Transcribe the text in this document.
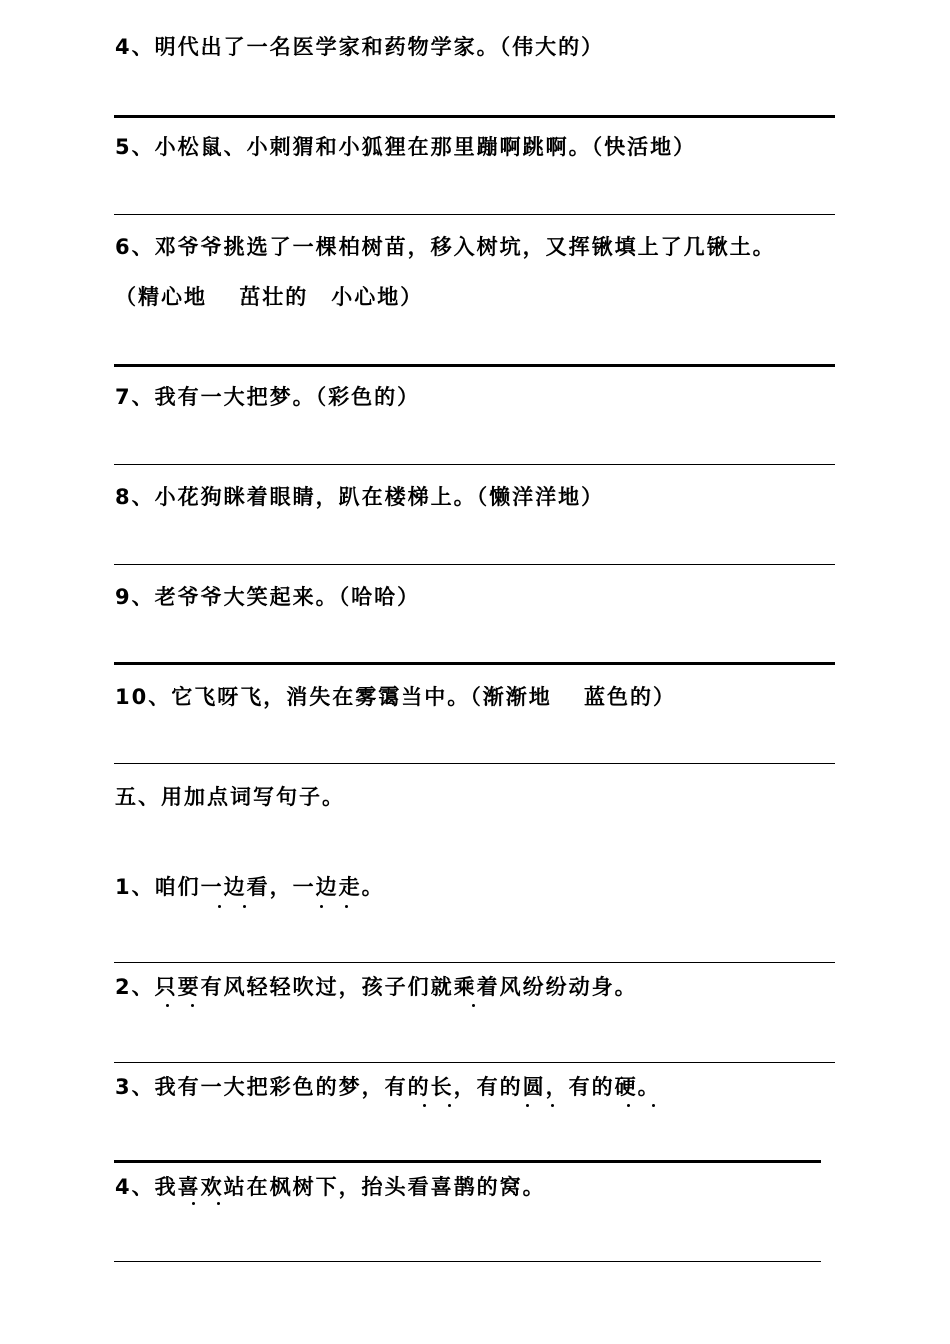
4、明代出了一名医学家和药物学家。（伟大的）
5、小松鼠、小刺猬和小狐狸在那里蹦啊跳啊。（快活地）
6、邓爷爷挑选了一棵柏树苗，移入树坑，又挥锹填上了几锹土。
（精心地　 茁壮的　小心地）
7、我有一大把梦。（彩色的）
8、小花狗眯着眼睛，趴在楼梯上。（懒洋洋地）
9、老爷爷大笑起来。（哈哈）
10、它飞呀飞，消失在雾霭当中。（渐渐地　 蓝色的）
五、用加点词写句子。
1、咱们一边看，一边走。
2、只要有风轻轻吹过，孩子们就乘着风纷纷动身。
3、我有一大把彩色的梦，有的长，有的圆，有的硬。
4、我喜欢站在枫树下，抬头看喜鹊的窝。
